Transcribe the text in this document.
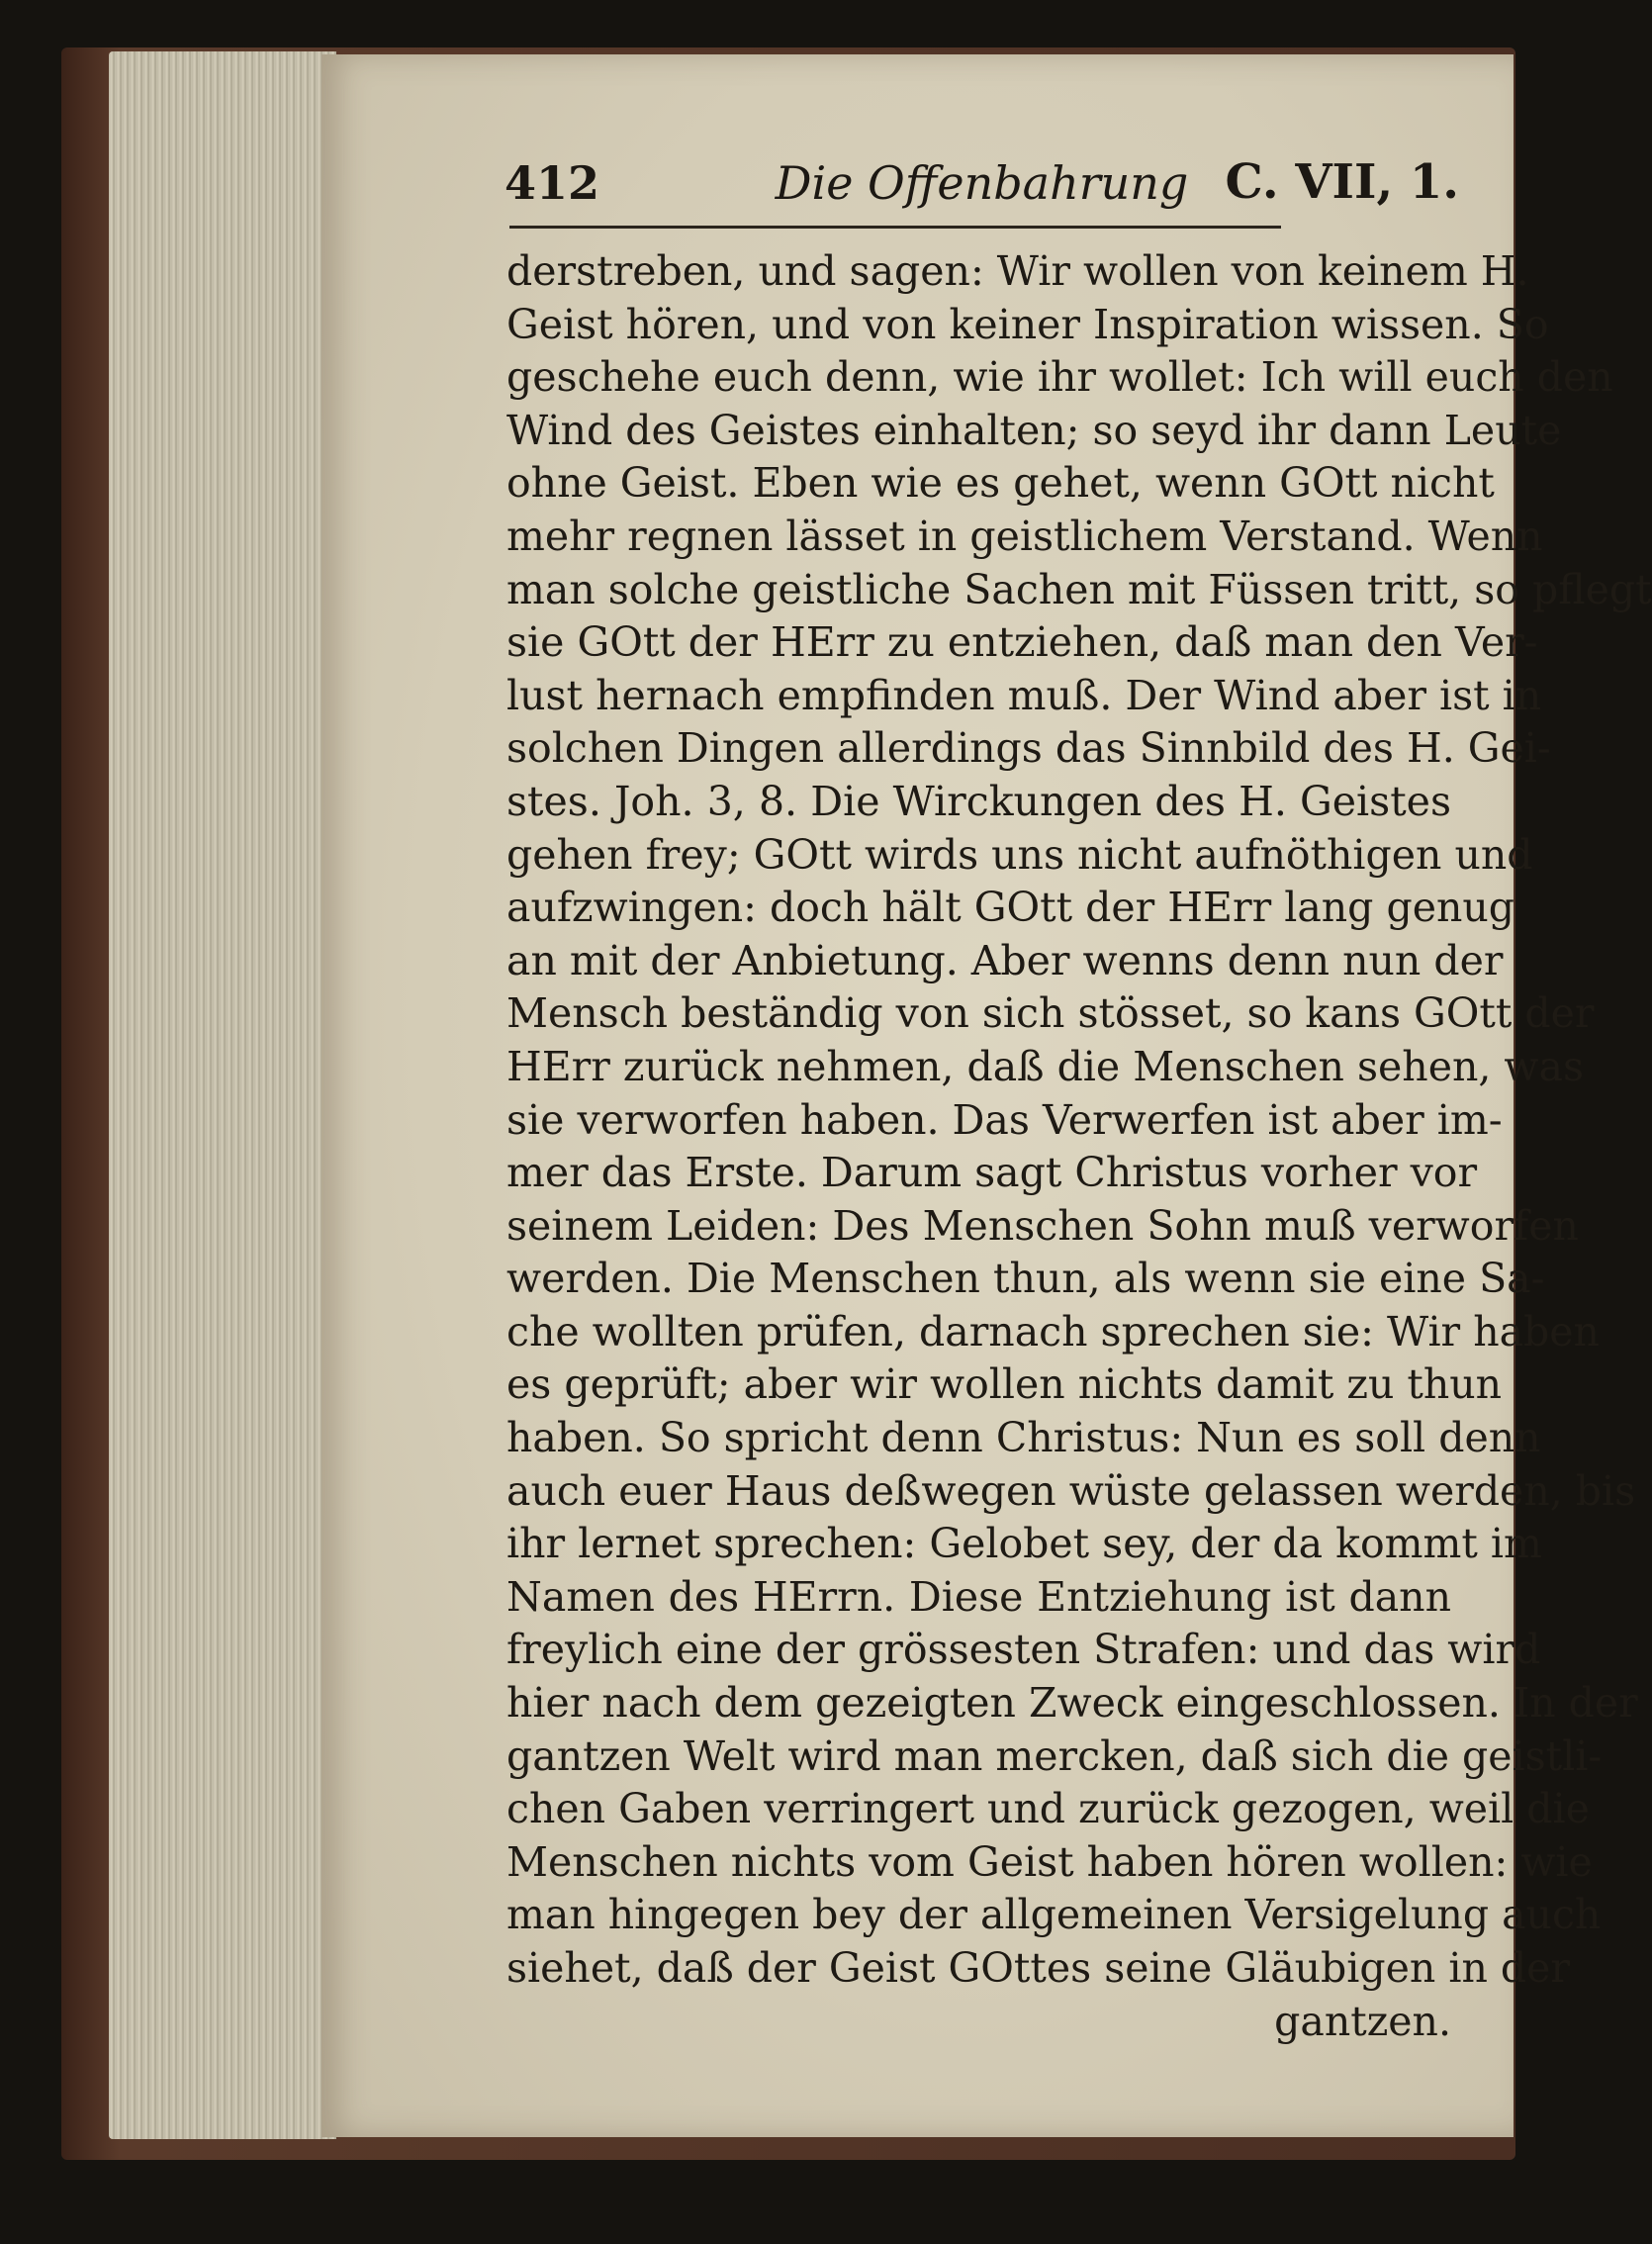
412	Die Offenbahrung C. VII, 1.
derstreben, und sagen: Wir wollen von keinem H.
Geist hören, und von keiner Inspiration wissen. So
geschehe euch denn, wie ihr wollet: Ich will euch den
Wind des Geistes einhalten; so seyd ihr dann Leute
ohne Geist. Eben wie es gehet, wenn GOtt nicht
mehr regnen lässet in geistlichem Verstand. Wenn
man solche geistliche Sachen mit Füssen tritt, so pflegt
sie GOtt der HErr zu entziehen, daß man den Ver-
lust hernach empfinden muß. Der Wind aber ist in
solchen Dingen allerdings das Sinnbild des H. Gei-
stes. Joh. 3, 8. Die Wirckungen des H. Geistes
gehen frey; GOtt wirds uns nicht aufnöthigen und
aufzwingen: doch hält GOtt der HErr lang genug
an mit der Anbietung. Aber wenns denn nun der
Mensch beständig von sich stösset, so kans GOtt der
HErr zurück nehmen, daß die Menschen sehen, was
sie verworfen haben. Das Verwerfen ist aber im-
mer das Erste. Darum sagt Christus vorher vor
seinem Leiden: Des Menschen Sohn muß verworfen
werden. Die Menschen thun, als wenn sie eine Sa-
che wollten prüfen, darnach sprechen sie: Wir haben
es geprüft; aber wir wollen nichts damit zu thun
haben. So spricht denn Christus: Nun es soll denn
auch euer Haus deßwegen wüste gelassen werden, bis
ihr lernet sprechen: Gelobet sey, der da kommt im
Namen des HErrn. Diese Entziehung ist dann
freylich eine der grössesten Strafen: und das wird
hier nach dem gezeigten Zweck eingeschlossen. In der
gantzen Welt wird man mercken, daß sich die geistli-
chen Gaben verringert und zurück gezogen, weil die
Menschen nichts vom Geist haben hören wollen: wie
man hingegen bey der allgemeinen Versigelung auch
siehet, daß der Geist GOttes seine Gläubigen in der
gantzen.
